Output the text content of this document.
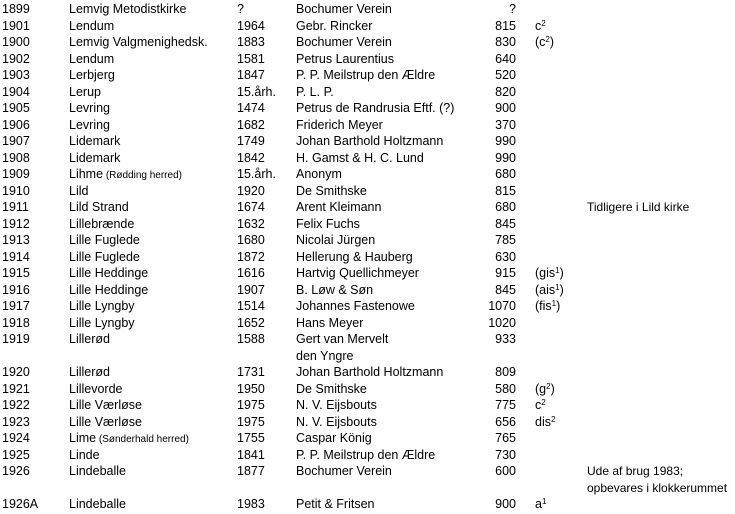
1899	Lemvig Metodistkirke	?	Bochumer Verein	?
1901	Lendum	1964 Gebr. Rincker	815 $c^2$
1900	Lemvig Valgmenighedsk. 1883 Bochumer Verein	830 $(c^2)$
1902	Lendum	1581 Petrus Laurentius	640
1903	Lerbjerg	1847 P. P. Meilstrup den Ældre	520
1904	Lerup	15.årh. P. L. P.	820
1905	Levring	1474 Petrus de Randrusia Eftf. (?)	900
1906	Levring	1682 Friderich Meyer	370
1907	Lidemark	1749 Johan Barthold Holtzmann	990
1908	Lidemark	1842 H. Gamst & H. C. Lund	990
1909	Lihme (Rødding herred)	15.årh. Anonym	680
1910	Lild	1920 De Smithske	815
1911	Lild Strand	1674 Arent Kleimann	680	Tidligere i Lild kirke
1912	Lillebrænde	1632 Felix Fuchs	845
1913	Lille Fuglede	1680 Nicolai Jürgen	785
1914	Lille Fuglede	1872 Hellerung & Hauberg	630
1915	Lille Heddinge	1616 Hartvig Quellichmeyer	915 (gis$^1$)
1916	Lille Heddinge	1907 B. Løw & Søn	845 (ais$^1$)
1917	Lille Lyngby	1514 Johannes Fastenowe	1070 (fis$^1$)
1918	Lille Lyngby	1652 Hans Meyer	1020
1919	Lillerød	1588 Gert van Mervelt	933
den Yngre
1920	Lillerød	1731 Johan Barthold Holtzmann	809
1921	Lillevorde	1950 De Smithske	580 $(g^2)$
1922	Lille Værløse	1975 N. V. Eijsbouts	775 $c^2$
1923	Lille Værløse	1975 N. V. Eijsbouts	656 dis$^2$
1924	Lime (Sønderhald herred)	1755 Caspar König	765
1925	Linde	1841 P. P. Meilstrup den Ældre	730
1926	Lindeballe	1877 Bochumer Verein	600	Ude af brug 1983;
opbevares i klokkerummet
1926A Lindeballe	1983 Petit & Fritsen	900 $a^1$
